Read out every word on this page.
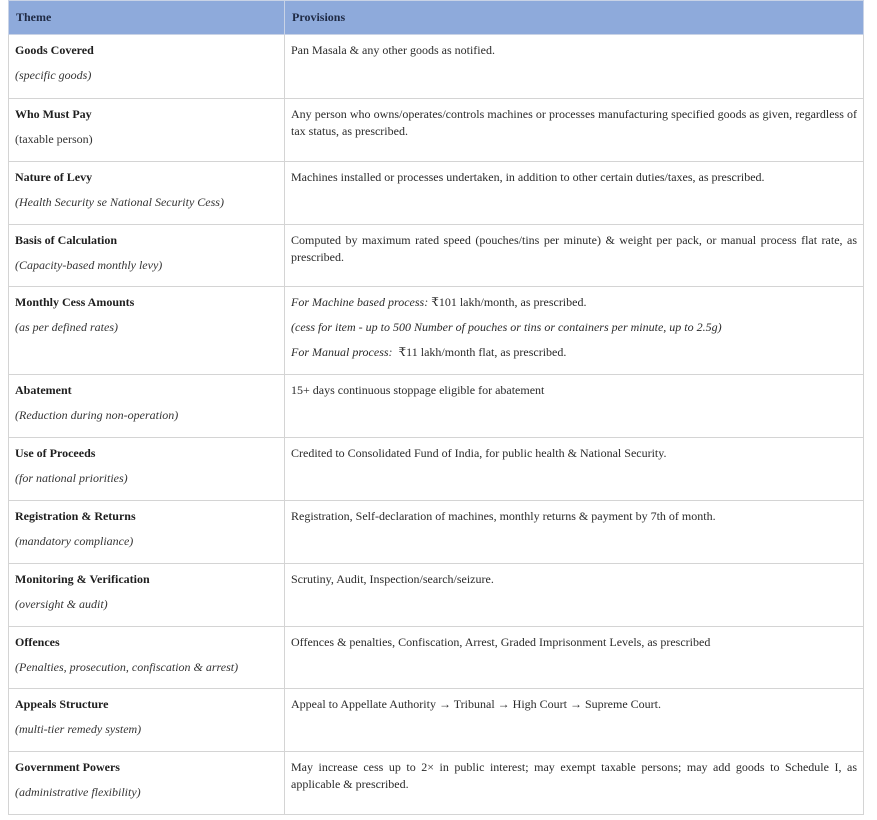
Theme	Provisions

Goods Covered
(specific goods)	Pan Masala & any other goods as notified.

Who Must Pay
(taxable person)	Any person who owns/operates/controls machines or processes manufacturing specified goods as given, regardless of tax status, as prescribed.

Nature of Levy
(Health Security se National Security Cess)	Machines installed or processes undertaken, in addition to other certain duties/taxes, as prescribed.

Basis of Calculation
(Capacity-based monthly levy)	Computed by maximum rated speed (pouches/tins per minute) & weight per pack, or manual process flat rate, as prescribed.

Monthly Cess Amounts
(as per defined rates)	For Machine based process: ₹101 lakh/month, as prescribed.
(cess for item - up to 500 Number of pouches or tins or containers per minute, up to 2.5g)
For Manual process:  ₹11 lakh/month flat, as prescribed.

Abatement
(Reduction during non-operation)	15+ days continuous stoppage eligible for abatement

Use of Proceeds
(for national priorities)	Credited to Consolidated Fund of India, for public health & National Security.

Registration & Returns
(mandatory compliance)	Registration, Self-declaration of machines, monthly returns & payment by 7th of month.

Monitoring & Verification
(oversight & audit)	Scrutiny, Audit, Inspection/search/seizure.

Offences
(Penalties, prosecution, confiscation & arrest)	Offences & penalties, Confiscation, Arrest, Graded Imprisonment Levels, as prescribed

Appeals Structure
(multi-tier remedy system)	Appeal to Appellate Authority → Tribunal → High Court → Supreme Court.

Government Powers
(administrative flexibility)	May increase cess up to 2× in public interest; may exempt taxable persons; may add goods to Schedule I, as applicable & prescribed.
